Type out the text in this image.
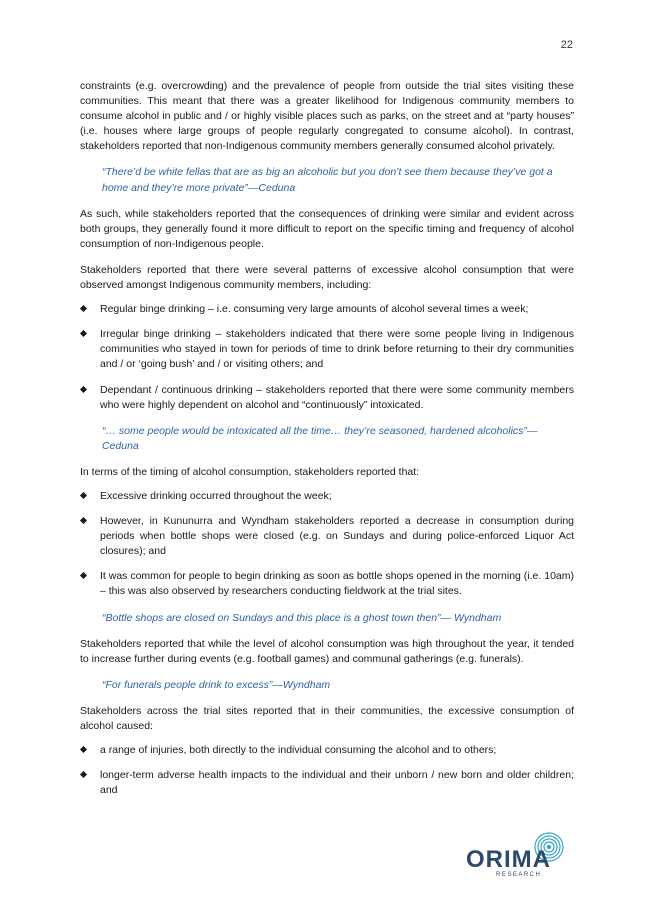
22

constraints (e.g. overcrowding) and the prevalence of people from outside the trial sites visiting these communities. This meant that there was a greater likelihood for Indigenous community members to consume alcohol in public and / or highly visible places such as parks, on the street and at “party houses” (i.e. houses where large groups of people regularly congregated to consume alcohol). In contrast, stakeholders reported that non-Indigenous community members generally consumed alcohol privately.

“There’d be white fellas that are as big an alcoholic but you don’t see them because they’ve got a home and they’re more private”—Ceduna

As such, while stakeholders reported that the consequences of drinking were similar and evident across both groups, they generally found it more difficult to report on the specific timing and frequency of alcohol consumption of non-Indigenous people.

Stakeholders reported that there were several patterns of excessive alcohol consumption that were observed amongst Indigenous community members, including:

Regular binge drinking – i.e. consuming very large amounts of alcohol several times a week;
Irregular binge drinking – stakeholders indicated that there were some people living in Indigenous communities who stayed in town for periods of time to drink before returning to their dry communities and / or ‘going bush’ and / or visiting others; and
Dependant / continuous drinking – stakeholders reported that there were some community members who were highly dependent on alcohol and “continuously” intoxicated.

“… some people would be intoxicated all the time… they’re seasoned, hardened alcoholics”—Ceduna

In terms of the timing of alcohol consumption, stakeholders reported that:

Excessive drinking occurred throughout the week;
However, in Kununurra and Wyndham stakeholders reported a decrease in consumption during periods when bottle shops were closed (e.g. on Sundays and during police-enforced Liquor Act closures); and
It was common for people to begin drinking as soon as bottle shops opened in the morning (i.e. 10am) – this was also observed by researchers conducting fieldwork at the trial sites.

“Bottle shops are closed on Sundays and this place is a ghost town then”— Wyndham

Stakeholders reported that while the level of alcohol consumption was high throughout the year, it tended to increase further during events (e.g. football games) and communal gatherings (e.g. funerals).

“For funerals people drink to excess”—Wyndham

Stakeholders across the trial sites reported that in their communities, the excessive consumption of alcohol caused:

a range of injuries, both directly to the individual consuming the alcohol and to others;
longer-term adverse health impacts to the individual and their unborn / new born and older children; and
ORIMA
RESEARCH
